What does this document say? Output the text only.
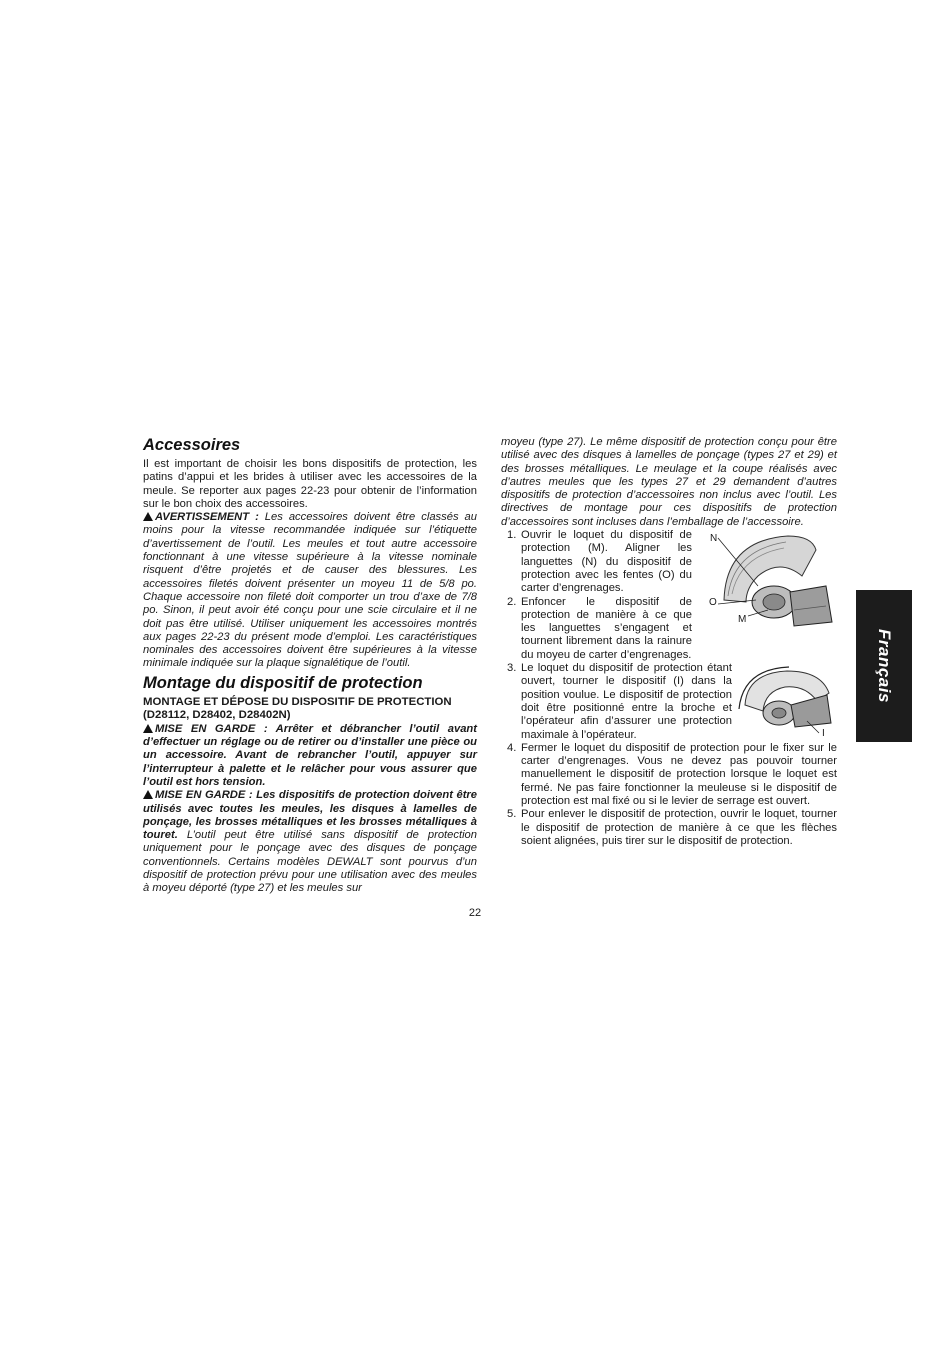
Accessoires

Il est important de choisir les bons dispositifs de protection, les patins d’appui et les brides à utiliser avec les accessoires de la meule. Se reporter aux pages 22-23 pour obtenir de l’information sur le bon choix des accessoires.

AVERTISSEMENT : Les accessoires doivent être classés au moins pour la vitesse recommandée indiquée sur l’étiquette d’avertissement de l’outil. Les meules et tout autre accessoire fonctionnant à une vitesse supérieure à la vitesse nominale risquent d’être projetés et de causer des blessures. Les accessoires filetés doivent présenter un moyeu 11 de 5/8 po. Chaque accessoire non fileté doit comporter un trou d’axe de 7/8 po. Sinon, il peut avoir été conçu pour une scie circulaire et il ne doit pas être utilisé. Utiliser uniquement les accessoires montrés aux pages 22-23 du présent mode d’emploi. Les caractéristiques nominales des accessoires doivent être supérieures à la vitesse minimale indiquée sur la plaque signalétique de l’outil.

Montage du dispositif de protection
MONTAGE ET DÉPOSE DU DISPOSITIF DE PROTECTION (D28112, D28402, D28402N)

MISE EN GARDE : Arrêter et débrancher l’outil avant d’effectuer un réglage ou de retirer ou d’installer une pièce ou un accessoire. Avant de rebrancher l’outil, appuyer sur l’interrupteur à palette et le relâcher pour vous assurer que l’outil est hors tension.

MISE EN GARDE : Les dispositifs de protection doivent être utilisés avec toutes les meules, les disques à lamelles de ponçage, les brosses métalliques et les brosses métalliques à touret. L’outil peut être utilisé sans dispositif de protection uniquement pour le ponçage avec des disques de ponçage conventionnels. Certains modèles DEWALT sont pourvus d’un dispositif de protection prévu pour une utilisation avec des meules à moyeu déporté (type 27) et les meules sur

moyeu (type 27). Le même dispositif de protection conçu pour être utilisé avec des disques à lamelles de ponçage (types 27 et 29) et des brosses métalliques. Le meulage et la coupe réalisés avec d’autres meules que les types 27 et 29 demandent d’autres dispositifs de protection d’accessoires non inclus avec l’outil. Les directives de montage pour ces dispositifs de protection d’accessoires sont incluses dans l’emballage de l’accessoire.

1. Ouvrir le loquet du dispositif de protection (M). Aligner les languettes (N) du dispositif de protection avec les fentes (O) du carter d’engrenages.
2. Enfoncer le dispositif de protection de manière à ce que les languettes s’engagent et tournent librement dans la rainure du moyeu de carter d’engrenages.
3. Le loquet du dispositif de protection étant ouvert, tourner le dispositif (I) dans la position voulue. Le dispositif de protection doit être positionné entre la broche et l’opérateur afin d’assurer une protection maximale à l’opérateur.
4. Fermer le loquet du dispositif de protection pour le fixer sur le carter d’engrenages. Vous ne devez pas pouvoir tourner manuellement le dispositif de protection lorsque le loquet est fermé. Ne pas faire fonctionner la meuleuse si le dispositif de protection est mal fixé ou si le levier de serrage est ouvert.
5. Pour enlever le dispositif de protection, ouvrir le loquet, tourner le dispositif de protection de manière à ce que les flèches soient alignées, puis tirer sur le dispositif de protection.
N
O
M
I
Français
22
